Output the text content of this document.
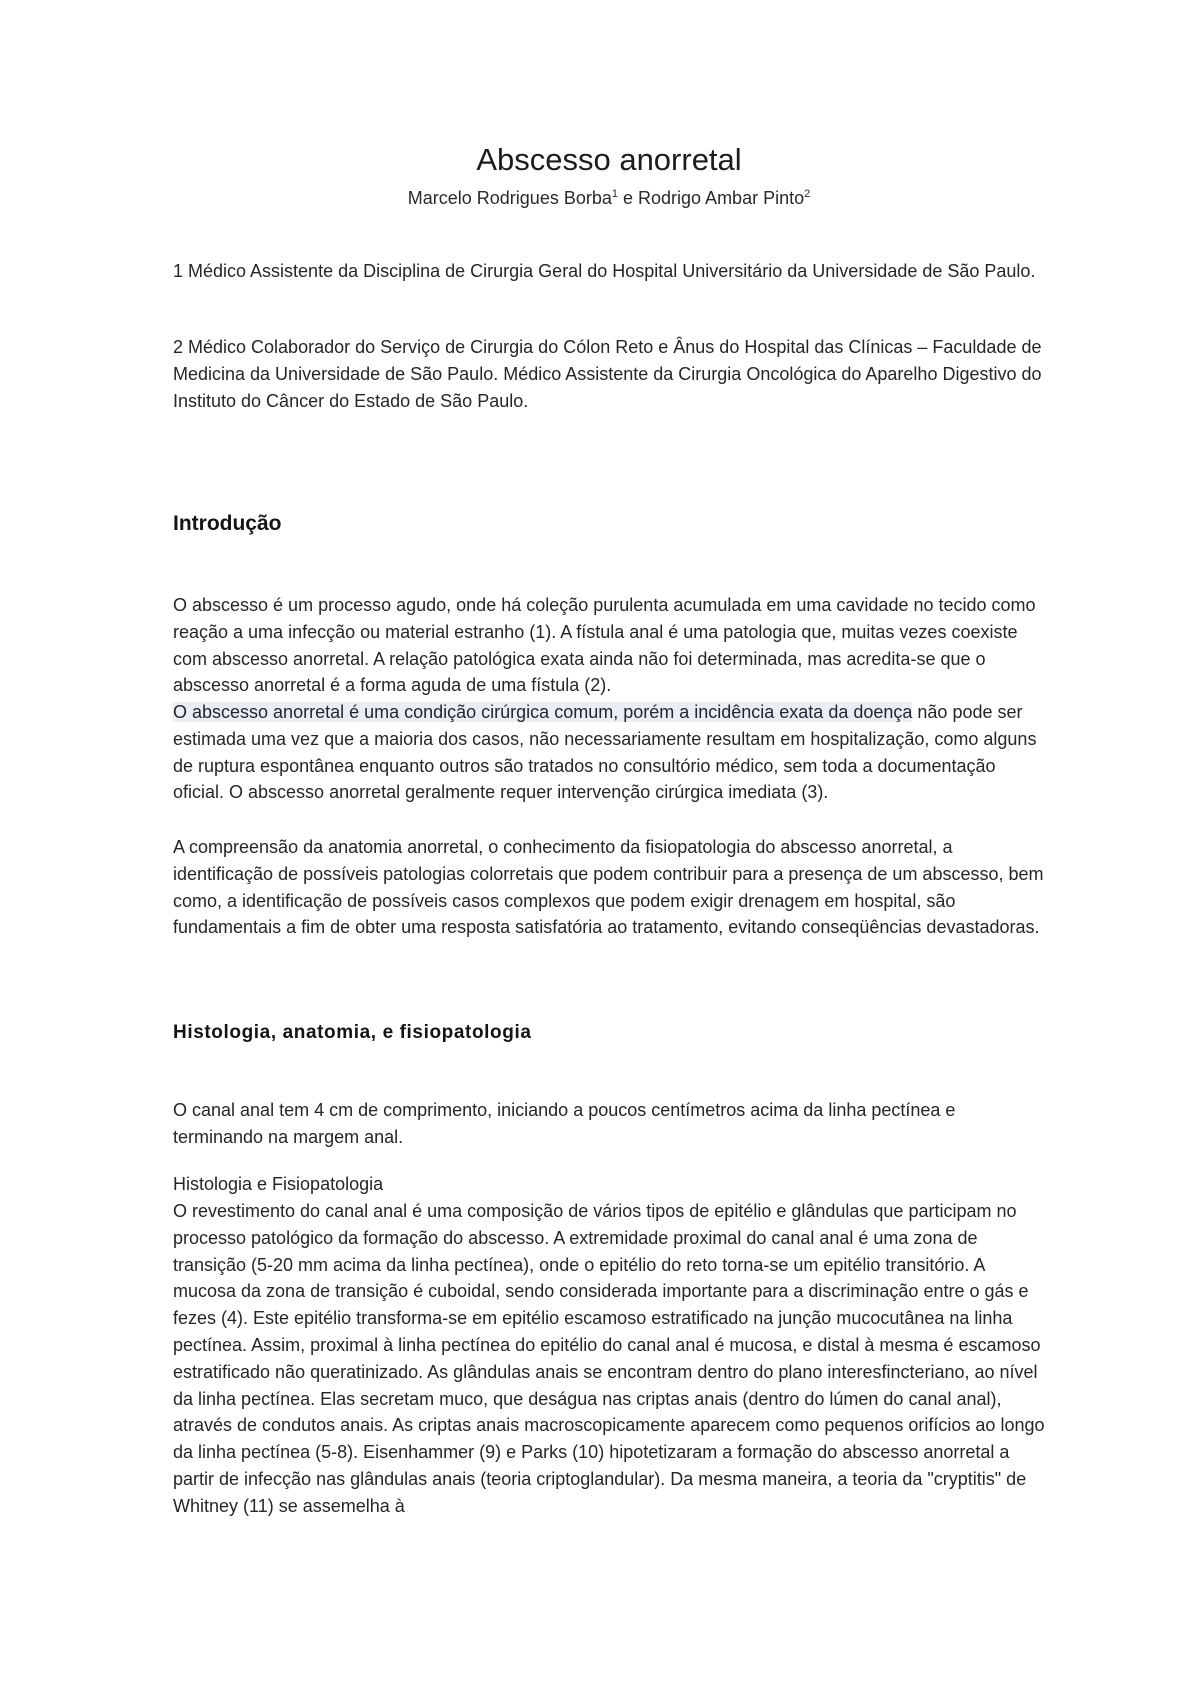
Abscesso anorretal
Marcelo Rodrigues Borba$^1$ e Rodrigo Ambar Pinto$^2$

1 Médico Assistente da Disciplina de Cirurgia Geral do Hospital Universitário da Universidade de São Paulo.

2 Médico Colaborador do Serviço de Cirurgia do Cólon Reto e Ânus do Hospital das Clínicas – Faculdade de Medicina da Universidade de São Paulo. Médico Assistente da Cirurgia Oncológica do Aparelho Digestivo do Instituto do Câncer do Estado de São Paulo.

Introdução

O abscesso é um processo agudo, onde há coleção purulenta acumulada em uma cavidade no tecido como reação a uma infecção ou material estranho (1). A fístula anal é uma patologia que, muitas vezes coexiste com abscesso anorretal. A relação patológica exata ainda não foi determinada, mas acredita-se que o abscesso anorretal é a forma aguda de uma fístula (2).

O abscesso anorretal é uma condição cirúrgica comum, porém a incidência exata da doença não pode ser estimada uma vez que a maioria dos casos, não necessariamente resultam em hospitalização, como alguns de ruptura espontânea enquanto outros são tratados no consultório médico, sem toda a documentação oficial. O abscesso anorretal geralmente requer intervenção cirúrgica imediata (3).

A compreensão da anatomia anorretal, o conhecimento da fisiopatologia do abscesso anorretal, a identificação de possíveis patologias colorretais que podem contribuir para a presença de um abscesso, bem como, a identificação de possíveis casos complexos que podem exigir drenagem em hospital, são fundamentais a fim de obter uma resposta satisfatória ao tratamento, evitando conseqüências devastadoras.

Histologia, anatomia, e fisiopatologia

O canal anal tem 4 cm de comprimento, iniciando a poucos centímetros acima da linha pectínea e terminando na margem anal.

Histologia e Fisiopatologia

O revestimento do canal anal é uma composição de vários tipos de epitélio e glândulas que participam no processo patológico da formação do abscesso. A extremidade proximal do canal anal é uma zona de transição (5-20 mm acima da linha pectínea), onde o epitélio do reto torna-se um epitélio transitório. A mucosa da zona de transição é cuboidal, sendo considerada importante para a discriminação entre o gás e fezes (4). Este epitélio transforma-se em epitélio escamoso estratificado na junção mucocutânea na linha pectínea. Assim, proximal à linha pectínea do epitélio do canal anal é mucosa, e distal à mesma é escamoso estratificado não queratinizado. As glândulas anais se encontram dentro do plano interesfincteriano, ao nível da linha pectínea. Elas secretam muco, que deságua nas criptas anais (dentro do lúmen do canal anal), através de condutos anais. As criptas anais macroscopicamente aparecem como pequenos orifícios ao longo da linha pectínea (5-8). Eisenhammer (9) e Parks (10) hipotetizaram a formação do abscesso anorretal a partir de infecção nas glândulas anais (teoria criptoglandular). Da mesma maneira, a teoria da "cryptitis" de Whitney (11) se assemelha à
